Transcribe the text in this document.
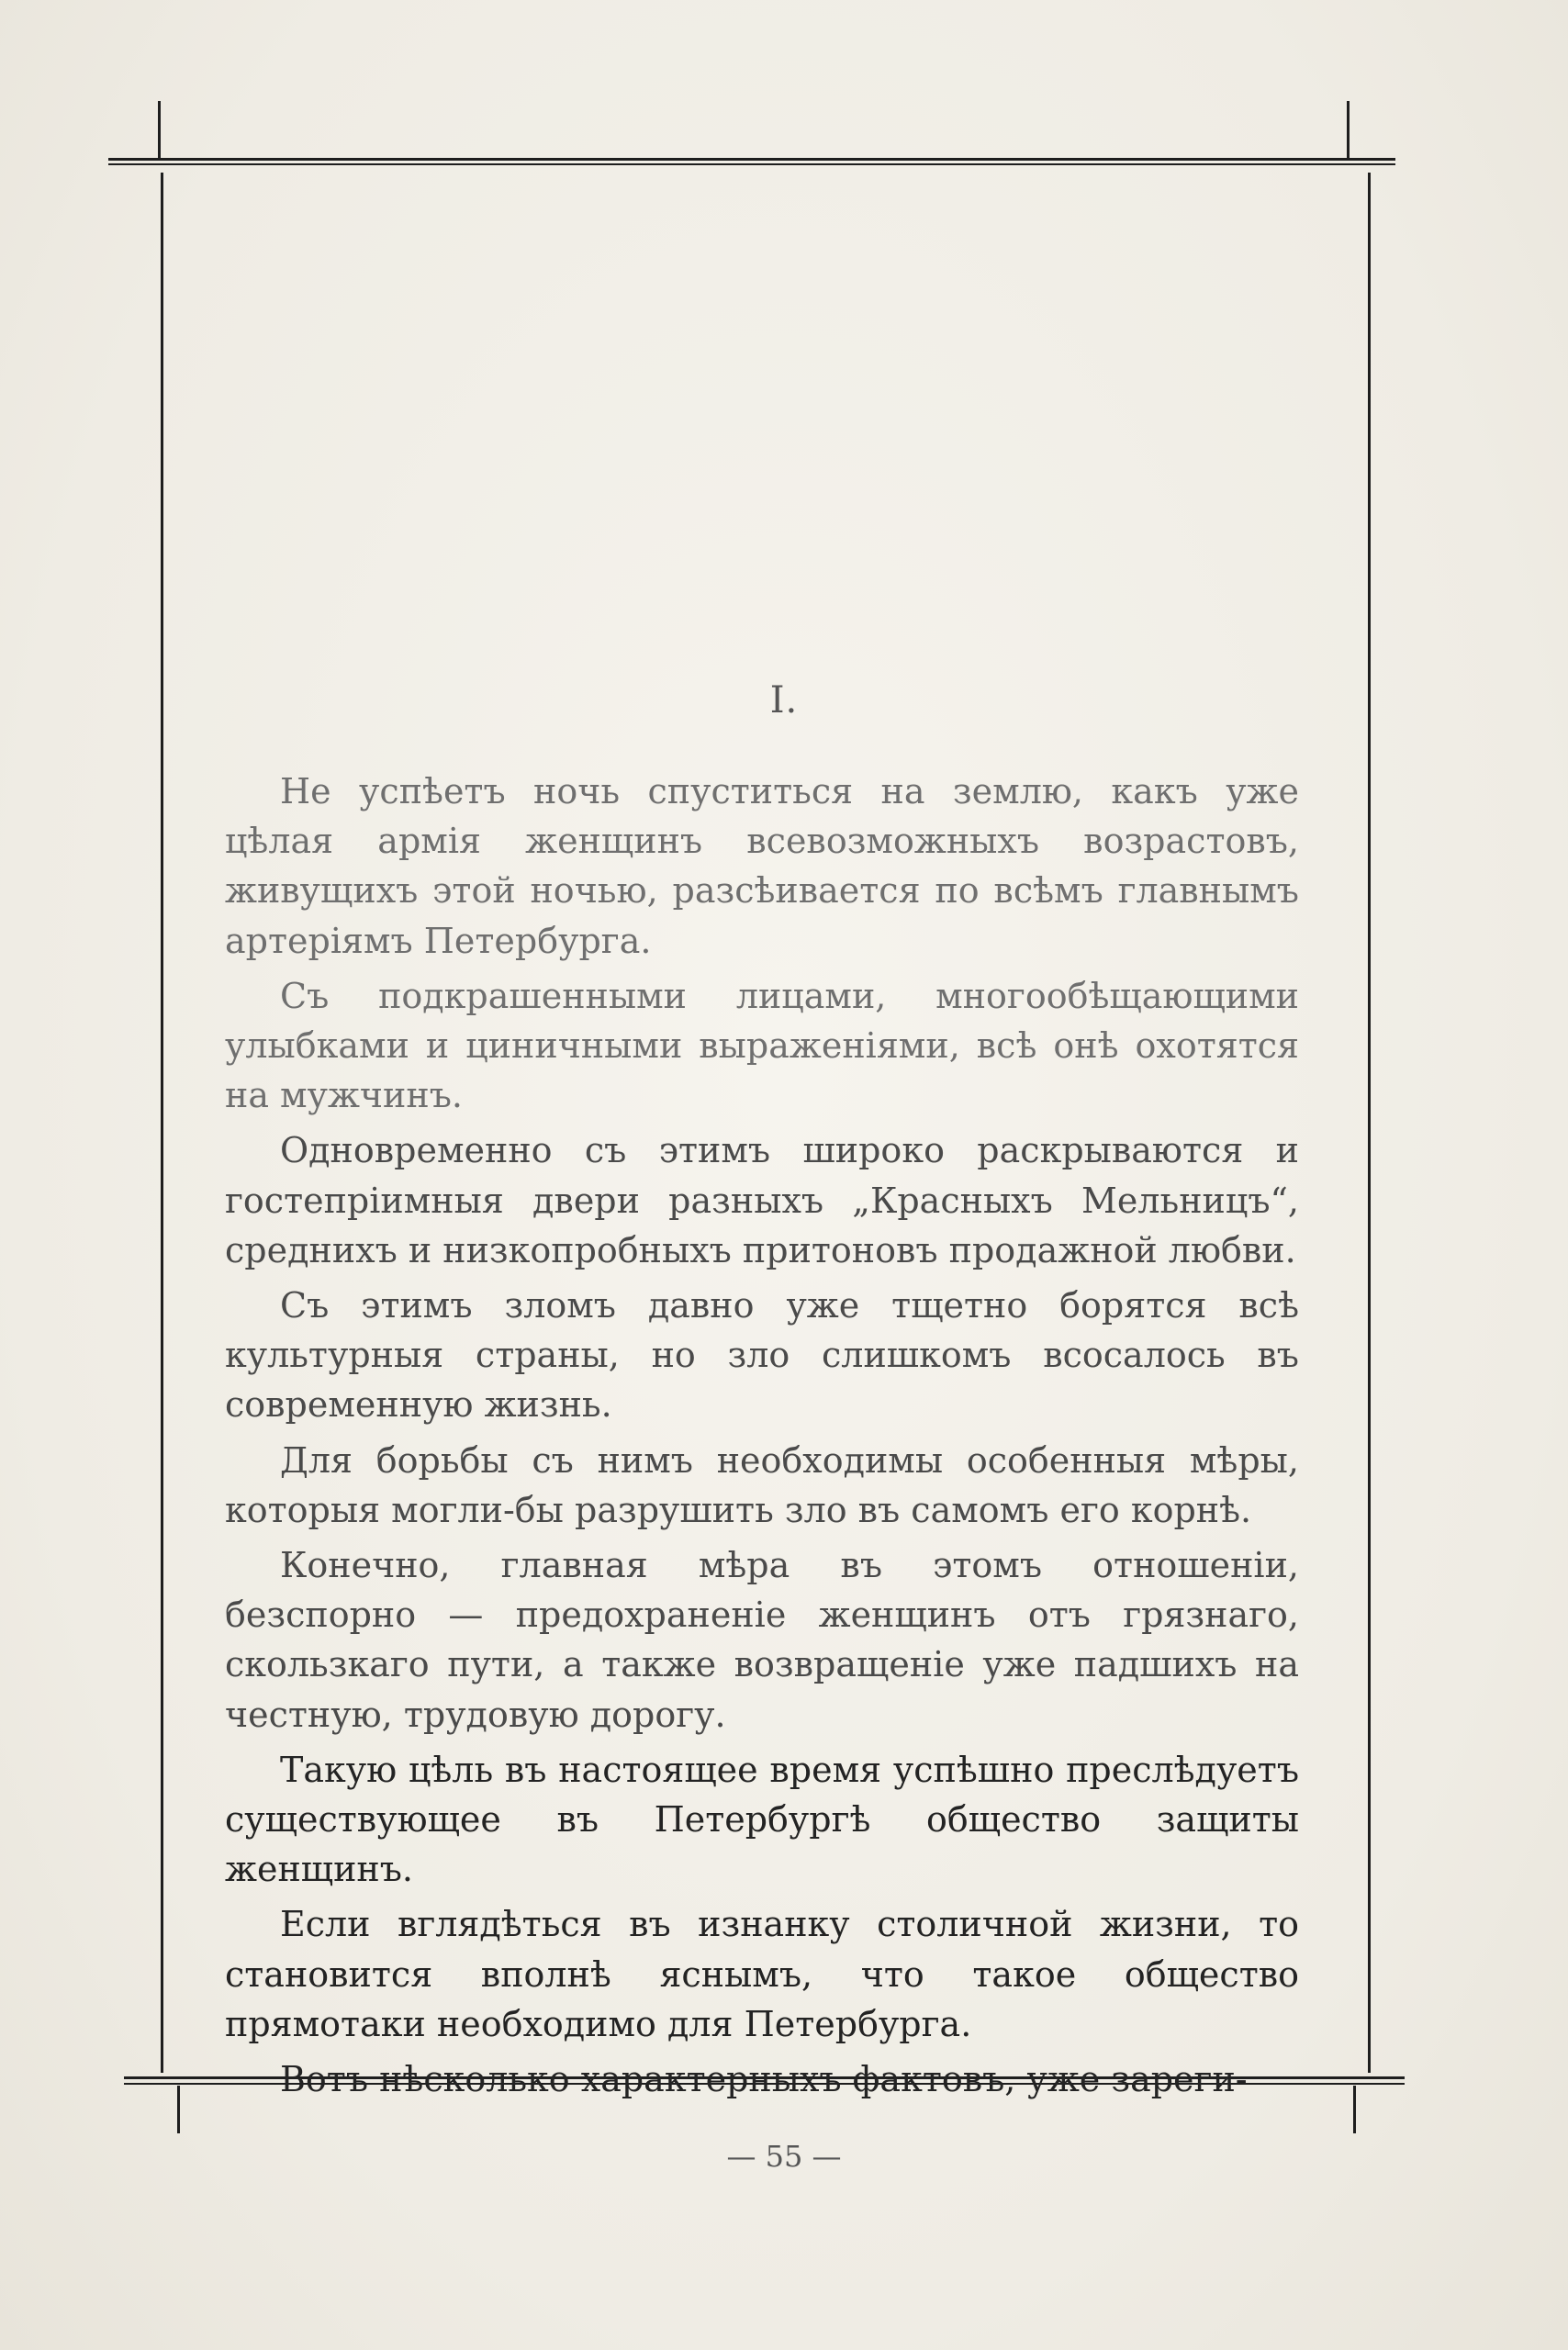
I.

Не успѣетъ ночь спуститься на землю, какъ уже цѣлая армія женщинъ всевозможныхъ возрастовъ, живущихъ этой ночью, разсѣивается по всѣмъ главнымъ артеріямъ Петербурга.

Съ подкрашенными лицами, многообѣщающими улыбками и циничными выраженіями, всѣ онѣ охотятся на мужчинъ.

Одновременно съ этимъ широко раскрываются и гостепріимныя двери разныхъ „Красныхъ Мельницъ“, среднихъ и низкопробныхъ притоновъ продажной любви.

Съ этимъ зломъ давно уже тщетно борятся всѣ культурныя страны, но зло слишкомъ всосалось въ современную жизнь.

Для борьбы съ нимъ необходимы особенныя мѣры, которыя могли-бы разрушить зло въ самомъ его корнѣ.

Конечно, главная мѣра въ этомъ отношеніи, безспорно — предохраненіе женщинъ отъ грязнаго, скользкаго пути, а также возвращеніе уже падшихъ на честную, трудовую дорогу.

Такую цѣль въ настоящее время успѣшно преслѣдуетъ существующее въ Петербургѣ общество защиты женщинъ.

Если вглядѣться въ изнанку столичной жизни, то становится вполнѣ яснымъ, что такое общество прямотаки необходимо для Петербурга.

Вотъ нѣсколько характерныхъ фактовъ, уже зареги-

— 55 —
